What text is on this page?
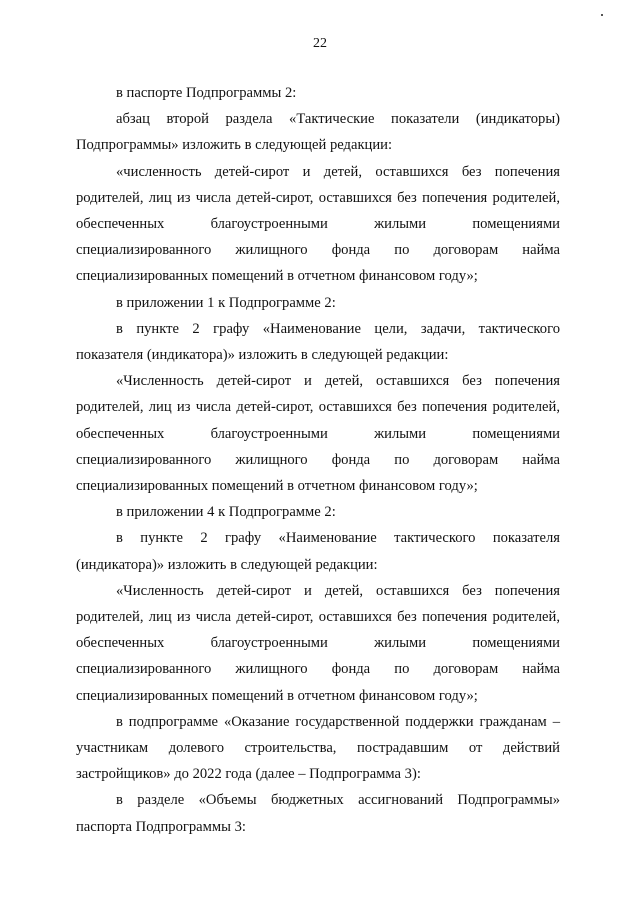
22

в паспорте Подпрограммы 2:

абзац второй раздела «Тактические показатели (индикаторы) Подпрограммы» изложить в следующей редакции:

«численность детей-сирот и детей, оставшихся без попечения родителей, лиц из числа детей-сирот, оставшихся без попечения родителей, обеспеченных благоустроенными жилыми помещениями специализированного жилищного фонда по договорам найма специализированных помещений в отчетном финансовом году»;

в приложении 1 к Подпрограмме 2:

в пункте 2 графу «Наименование цели, задачи, тактического показателя (индикатора)» изложить в следующей редакции:

«Численность детей-сирот и детей, оставшихся без попечения родителей, лиц из числа детей-сирот, оставшихся без попечения родителей, обеспеченных благоустроенными жилыми помещениями специализированного жилищного фонда по договорам найма специализированных помещений в отчетном финансовом году»;

в приложении 4 к Подпрограмме 2:

в пункте 2 графу «Наименование тактического показателя (индикатора)» изложить в следующей редакции:

«Численность детей-сирот и детей, оставшихся без попечения родителей, лиц из числа детей-сирот, оставшихся без попечения родителей, обеспеченных благоустроенными жилыми помещениями специализированного жилищного фонда по договорам найма специализированных помещений в отчетном финансовом году»;

в подпрограмме «Оказание государственной поддержки гражданам – участникам долевого строительства, пострадавшим от действий застройщиков» до 2022 года (далее – Подпрограмма 3):

в разделе «Объемы бюджетных ассигнований Подпрограммы» паспорта Подпрограммы 3:
